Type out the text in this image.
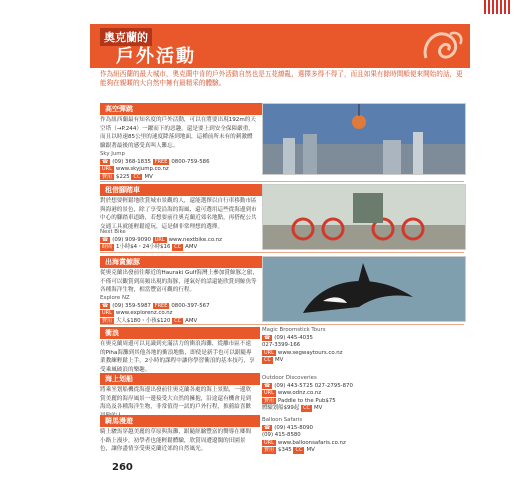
奧克蘭的
戶外活動
作為紐西蘭的最大城市，奧克蘭中肯的戶外活動自然也是五花繚亂，選擇多得不得了，而且如果有餘時間順便來開始的話，更能夠在親暱的大自然中擁有最精采的體驗。
高空彈跳
作為紐西蘭最有知名度的戶外活動，可以在將要出現192m的天空塔（→P.244）一躍而下的惡趣，還是要上到安全保障嚴重，而且以時速85公里的速度降落到地面，這種前所未有的刺激體驗跟著最後的感受真叫人難忘。
Sky Jump
☎ (09) 368-1835 FREE 0800-759-586
URL www.skyjump.co.nz
費用 $225 CC MV
租借腳踏車
對於想要輕鬆地欣賞城市景觀的人，還能選擇以自行車移動市區與海港的景色，除了享受沿海的海風、還可選用這些從海邊到市中心的腳踏車道路，若想要前往奧克蘭近郊名地點，再搭配公共交通工具就能輕鬆遊玩，這是個非常理想的選擇。
Next Bike
☎ (09) 909-9090 URL www.nextbike.co.nz
時間 1小時$4・24小時$16 CC AMV
出海賞鯨豚
從奧克蘭出發前往鄰近的Hauraki Gulf海灣上參加賞鯨豚之旅，不僅可以觀賞到高頻出現的海豚，運氣好的話還能欣賞到鯨魚等各種海洋生物，相當豐富可觀的行程。
Explore NZ
☎ (09) 359-5987 FREE 0800-397-567
URL www.explorenz.co.nz
費用 大人$180・小孩$120 CC AMV
衝浪
在奧克蘭周邊可以見識到充滿活力的衝浪海灘，從離市區不遠的Piha海灘到其他各地的衝浪地點，即使是新手也可以跟隨專業教練輕鬆上手，2小時的課程中讓你學習衝浪的基本技巧，享受乘風破浪的樂趣。
Magic Broomstick Tours
☎ (09) 445-4035
027-3399-166
URL www.segwaytours.co.nz
CC MV
海上划船
將乘坐划船機從海邊出發前往奧克蘭各處的海上景點，一邊欣賞美麗的海岸風景一邊接受大自然的擁抱，沿途還有機會見到海鳥及各種海洋生物，非常值得一試的戶外行程，推薦給喜歡
Outdoor Discoveries
☎ (09) 443-5725 027-2795-870
URL www.odnz.co.nz
費用 Paddle to the Pub$75
體驗划船$99起 CC MV
騎馬漫遊
騎上駿馬穿越美麗的草原與海灘，跟隨經驗豐富的嚮導在鄉間小路上漫步，初學者也能輕鬆體驗，欣賞周遭遼闊的田園景色，讓你盡情享受奧克蘭近郊的自然風光。
Balloon Safaris
☎ (09) 415-8090
(09) 415-8580
URL www.balloonsafaris.co.nz
費用 $345 CC MV
260
